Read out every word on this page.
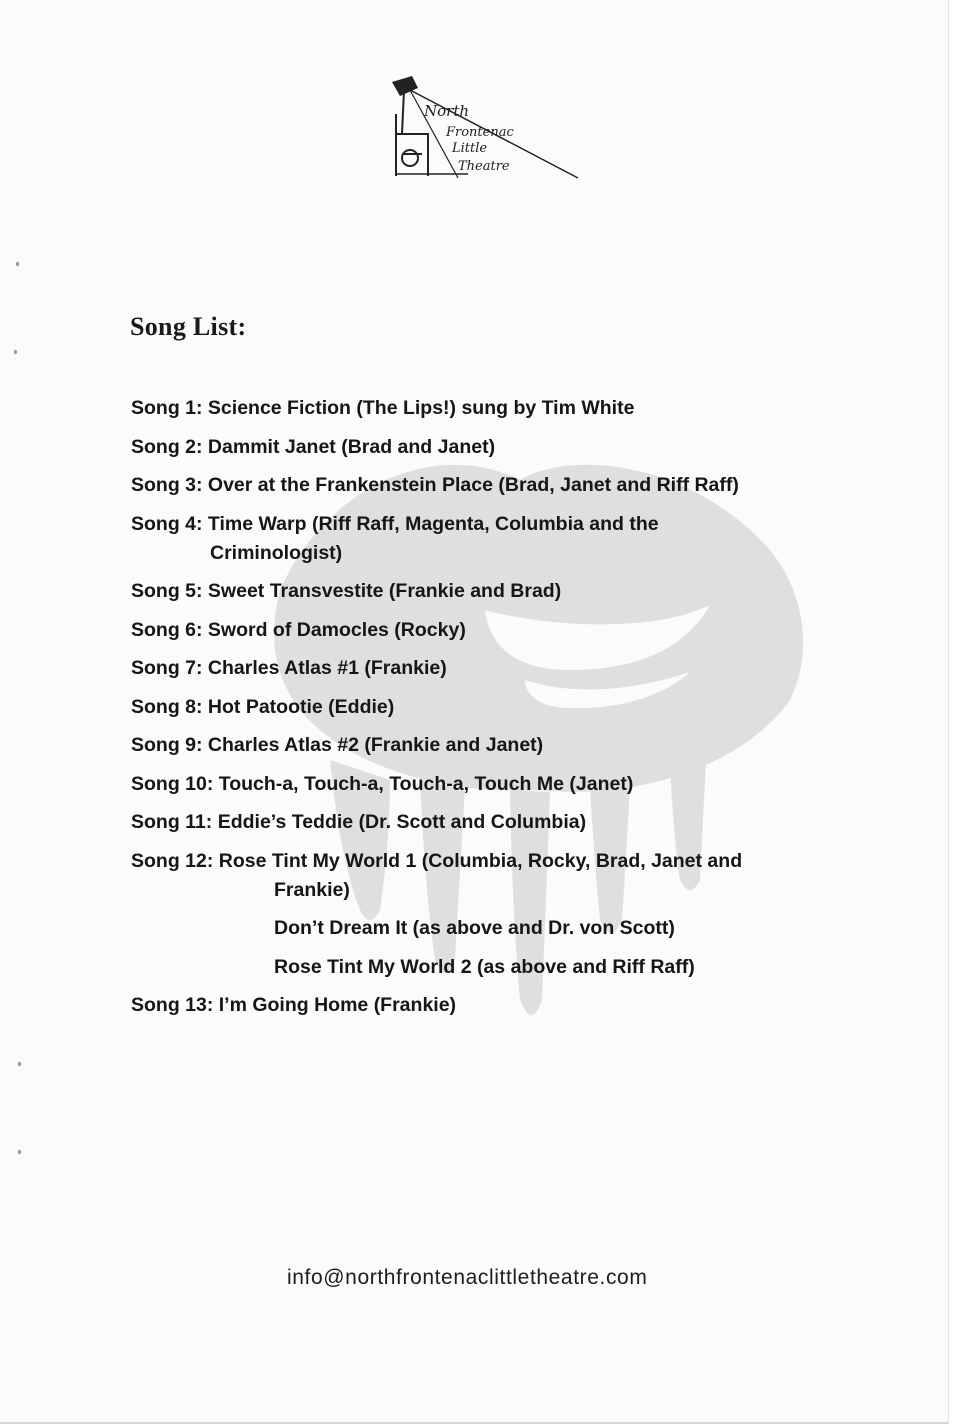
North
Frontenac
Little
Theatre
Song List:
Song 1: Science Fiction (The Lips!) sung by Tim White
Song 2: Dammit Janet (Brad and Janet)
Song 3: Over at the Frankenstein Place (Brad, Janet and Riff Raff)
Song 4: Time Warp (Riff Raff, Magenta, Columbia and the
Criminologist)
Song 5: Sweet Transvestite (Frankie and Brad)
Song 6: Sword of Damocles (Rocky)
Song 7: Charles Atlas #1 (Frankie)
Song 8: Hot Patootie (Eddie)
Song 9: Charles Atlas #2 (Frankie and Janet)
Song 10: Touch-a, Touch-a, Touch-a, Touch Me (Janet)
Song 11: Eddie’s Teddie (Dr. Scott and Columbia)
Song 12: Rose Tint My World 1 (Columbia, Rocky, Brad, Janet and
Frankie)
Don’t Dream It (as above and Dr. von Scott)
Rose Tint My World 2 (as above and Riff Raff)
Song 13: I’m Going Home (Frankie)
info@northfrontenaclittletheatre.com
